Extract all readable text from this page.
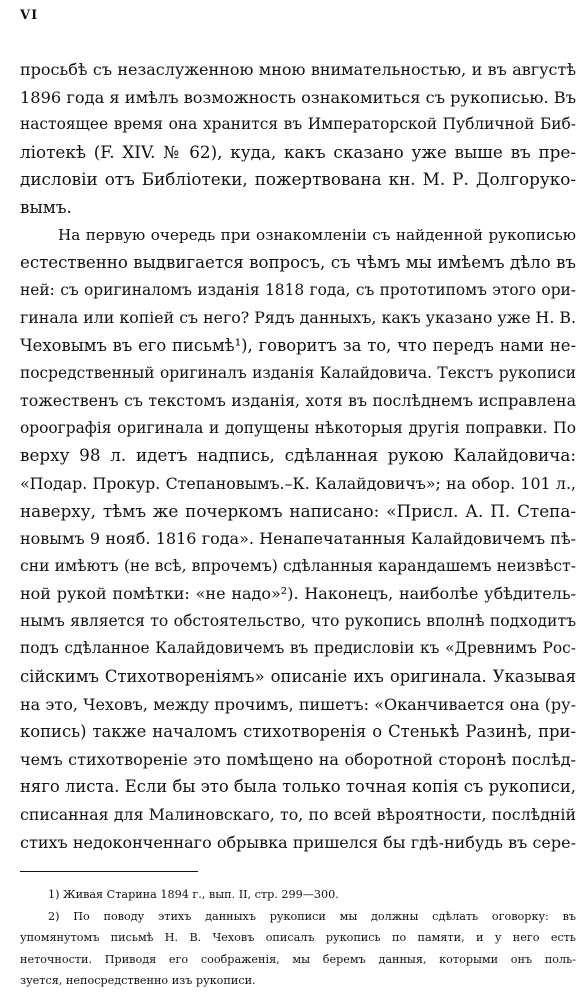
VI
просьбѣ съ незаслуженною мною внимательностью, и въ августѣ
1896 года я имѣлъ возможность ознакомиться съ рукописью. Въ
настоящее время она хранится въ Императорской Публичной Биб-
ліотекѣ (F. XIV. № 62), куда, какъ сказано уже выше въ пре-
дисловіи отъ Библіотеки, пожертвована кн. М. Р. Долгоруко-
вымъ.
На первую очередь при ознакомленіи съ найденной рукописью
естественно выдвигается вопросъ, съ чѣмъ мы имѣемъ дѣло въ
ней: съ оригиналомъ изданія 1818 года, съ прототипомъ этого ори-
гинала или копіей съ него? Рядъ данныхъ, какъ указано уже Н. В.
Чеховымъ въ его письмѣ¹), говоритъ за то, что передъ нами не-
посредственный оригиналъ изданія Калайдовича. Текстъ рукописи
тожественъ съ текстомъ изданія, хотя въ послѣднемъ исправлена
ороографія оригинала и допущены нѣкоторыя другія поправки. По
верху 98 л. идетъ надпись, сдѣланная рукою Калайдовича:
«Подар. Прокур. Степановымъ.–К. Калайдовичъ»; на обор. 101 л.,
наверху, тѣмъ же почеркомъ написано: «Присл. А. П. Степа-
новымъ 9 нояб. 1816 года». Ненапечатанныя Калайдовичемъ пѣ-
сни имѣютъ (не всѣ, впрочемъ) сдѣланныя карандашемъ неизвѣст-
ной рукой помѣтки: «не надо»²). Наконецъ, наиболѣе убѣдитель-
нымъ является то обстоятельство, что рукопись вполнѣ подходитъ
подъ сдѣланное Калайдовичемъ въ предисловіи къ «Древнимъ Рос-
сійскимъ Стихотвореніямъ» описаніе ихъ оригинала. Указывая
на это, Чеховъ, между прочимъ, пишетъ: «Оканчивается она (ру-
копись) также началомъ стихотворенія о Стенькѣ Разинѣ, при-
чемъ стихотвореніе это помѣщено на оборотной сторонѣ послѣд-
няго листа. Если бы это была только точная копія съ рукописи,
списанная для Малиновскаго, то, по всей вѣроятности, послѣдній
стихъ недоконченнаго обрывка пришелся бы гдѣ-нибудь въ сере-
1) Живая Старина 1894 г., вып. II, стр. 299—300.
2) По поводу этихъ данныхъ рукописи мы должны сдѣлать оговорку: въ
упомянутомъ письмѣ Н. В. Чеховъ описалъ рукопись по памяти, и у него есть
неточности. Приводя его соображенія, мы беремъ данныя, которыми онъ поль-
зуется, непосредственно изъ рукописи.
